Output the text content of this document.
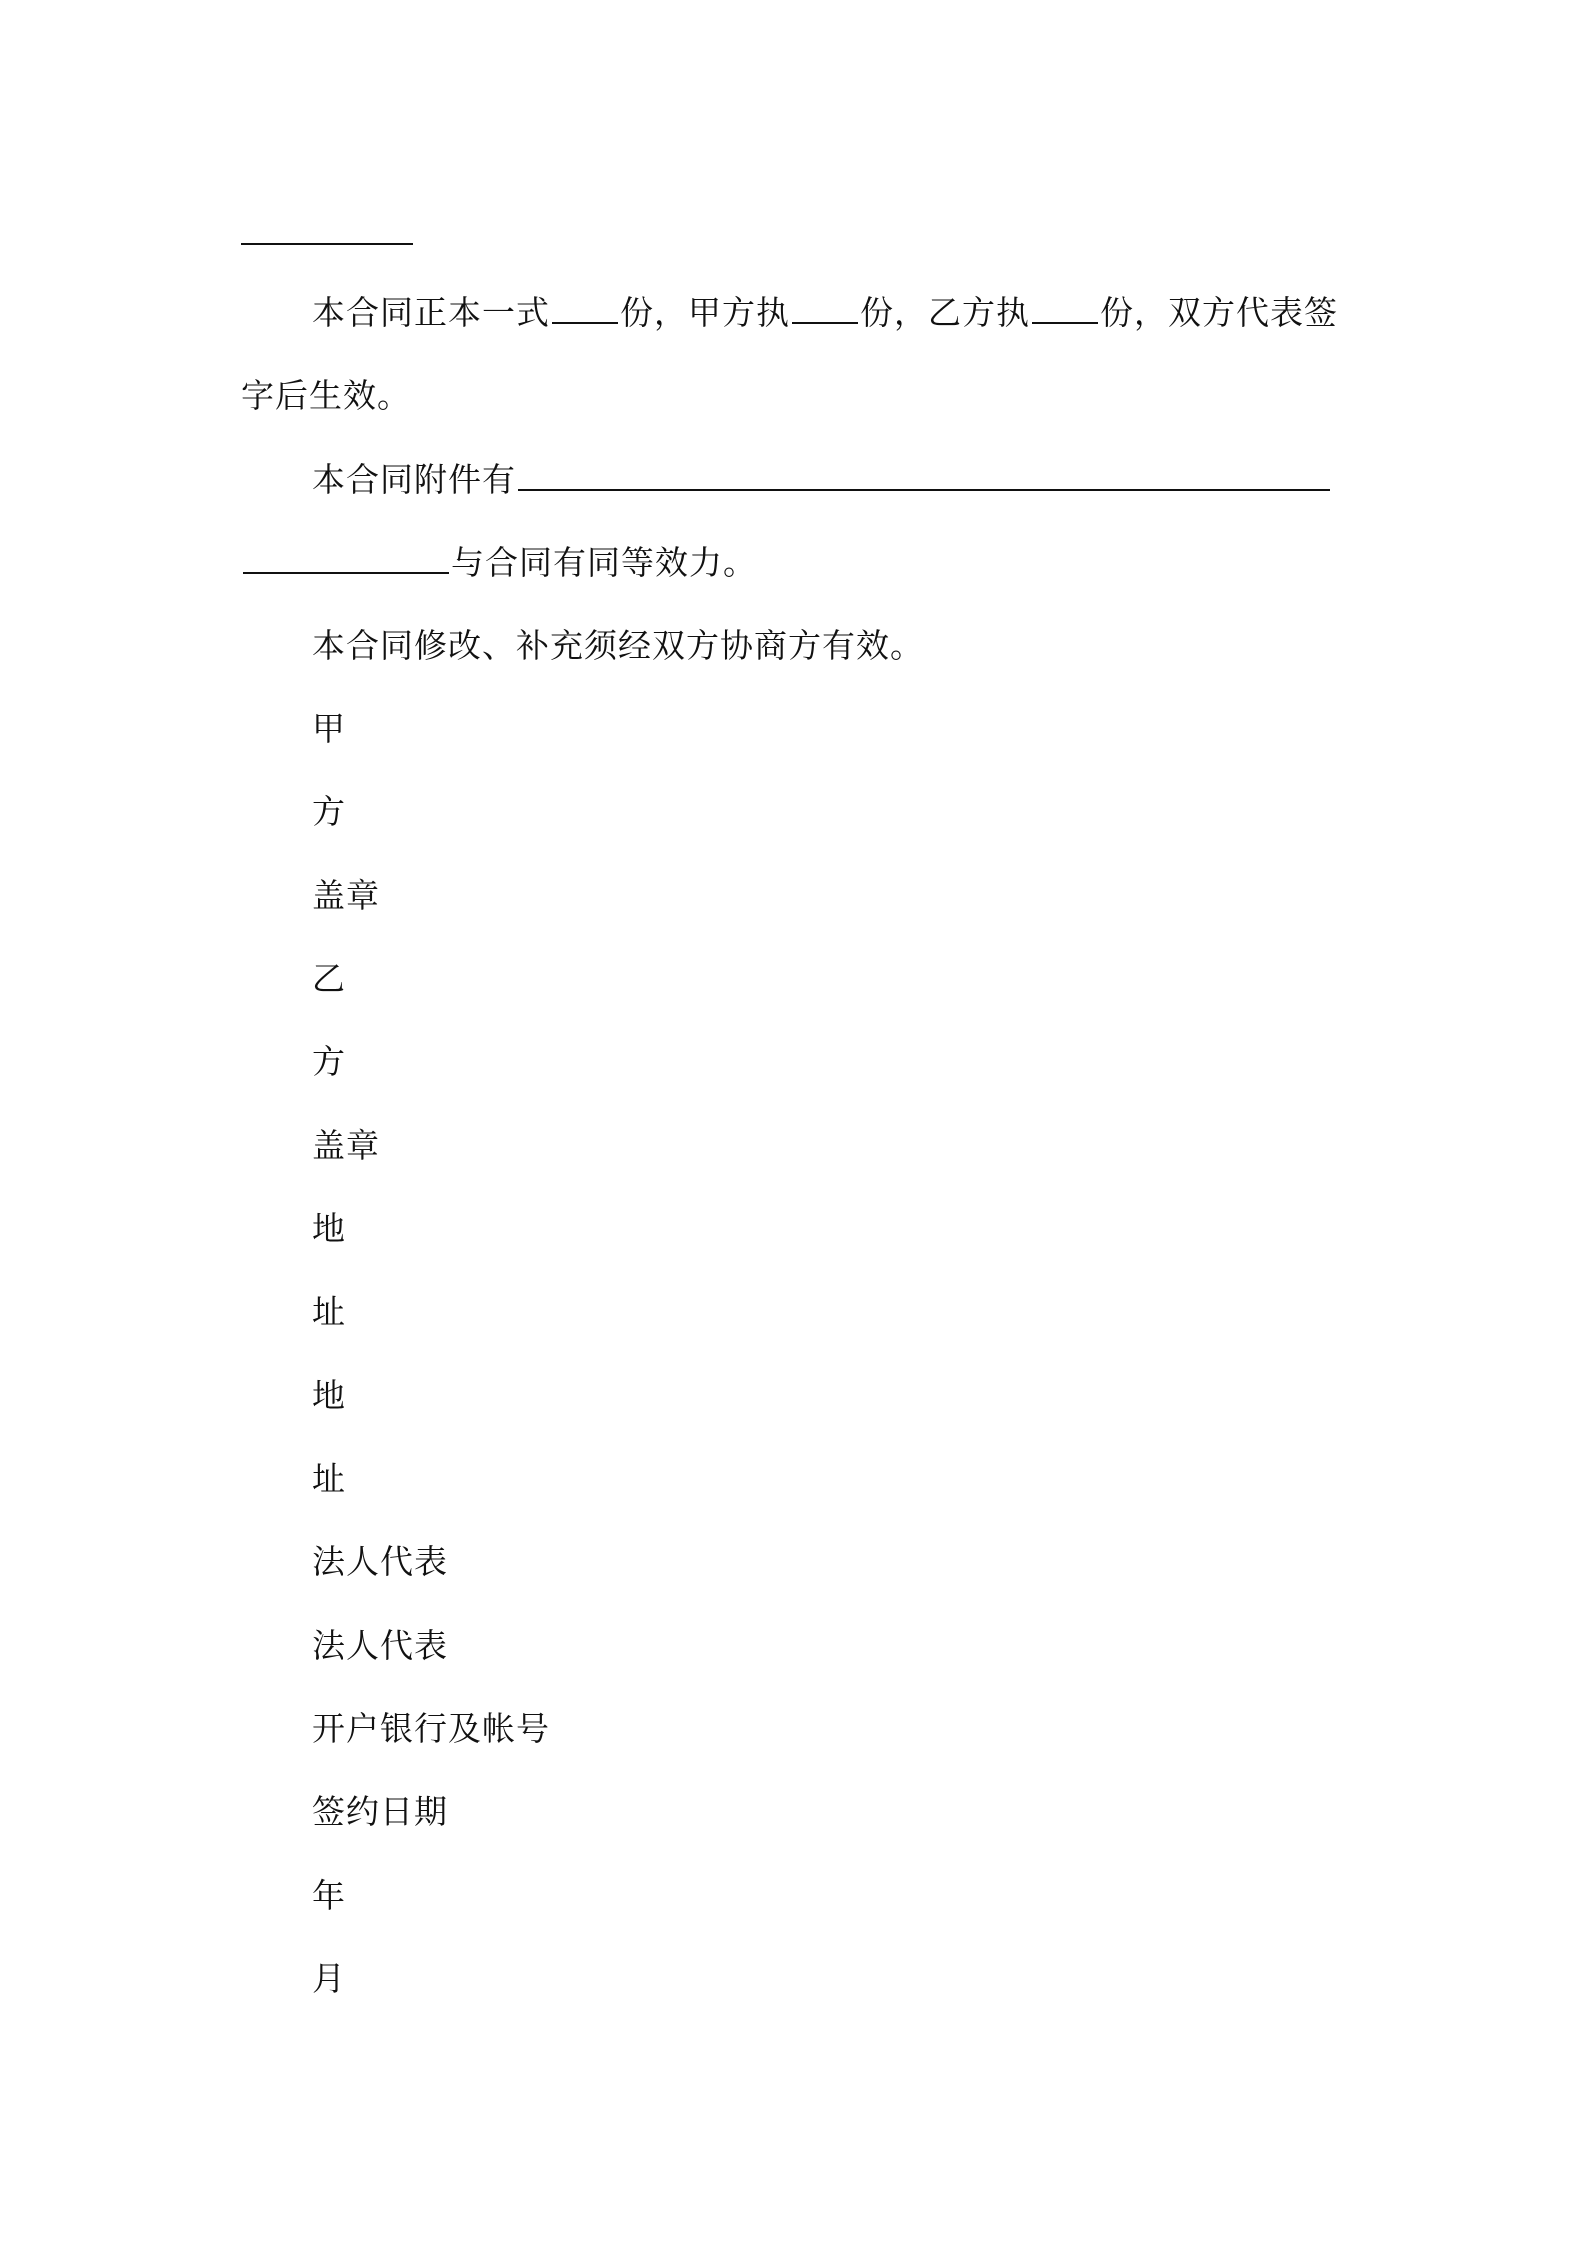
本合同正本一式 份，甲方执 份，乙方执 份，双方代表签
字后生效。
本合同附件有
与合同有同等效力。
本合同修改、补充须经双方协商方有效。
甲
方
盖章
乙
方
盖章
地
址
地
址
法人代表
法人代表
开户银行及帐号
签约日期
年
月
